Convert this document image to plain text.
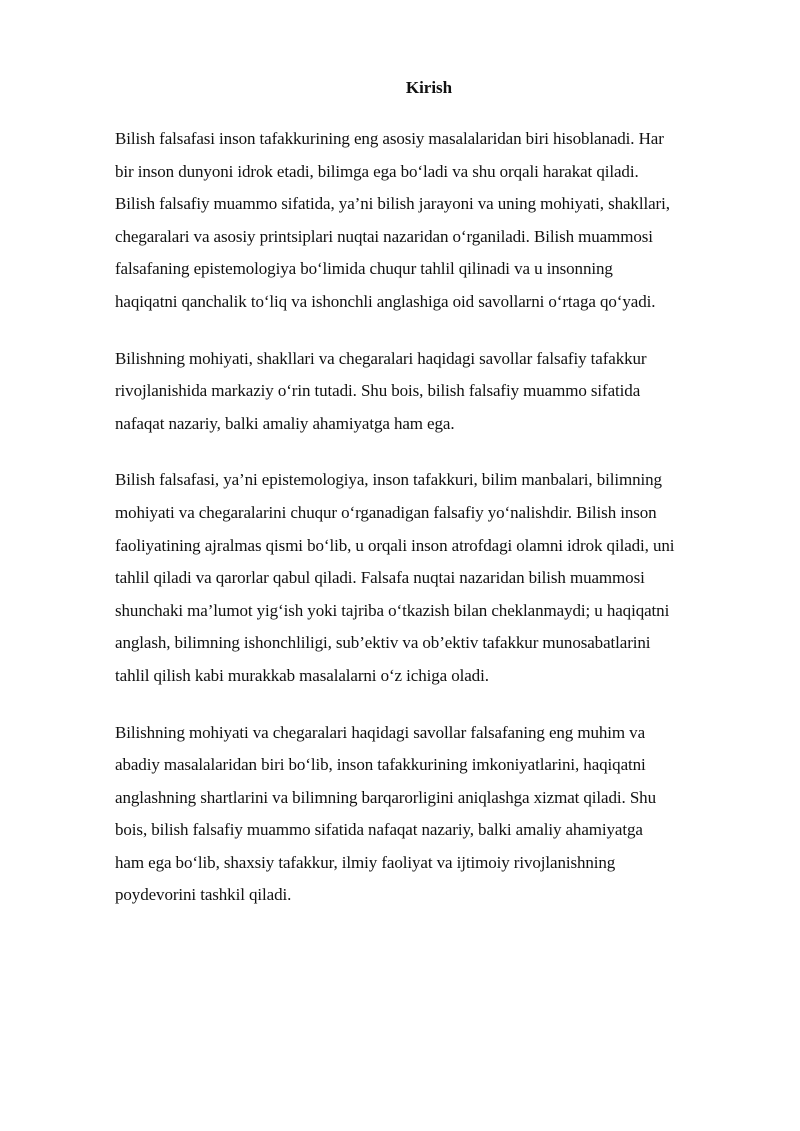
Kirish

Bilish falsafasi inson tafakkurining eng asosiy masalalaridan biri hisoblanadi. Har
bir inson dunyoni idrok etadi, bilimga ega bo‘ladi va shu orqali harakat qiladi.
Bilish falsafiy muammo sifatida, ya’ni bilish jarayoni va uning mohiyati, shakllari,
chegaralari va asosiy printsiplari nuqtai nazaridan o‘rganiladi. Bilish muammosi
falsafaning epistemologiya bo‘limida chuqur tahlil qilinadi va u insonning
haqiqatni qanchalik to‘liq va ishonchli anglashiga oid savollarni o‘rtaga qo‘yadi.

Bilishning mohiyati, shakllari va chegaralari haqidagi savollar falsafiy tafakkur
rivojlanishida markaziy o‘rin tutadi. Shu bois, bilish falsafiy muammo sifatida
nafaqat nazariy, balki amaliy ahamiyatga ham ega.

Bilish falsafasi, ya’ni epistemologiya, inson tafakkuri, bilim manbalari, bilimning
mohiyati va chegaralarini chuqur o‘rganadigan falsafiy yo‘nalishdir. Bilish inson
faoliyatining ajralmas qismi bo‘lib, u orqali inson atrofdagi olamni idrok qiladi, uni
tahlil qiladi va qarorlar qabul qiladi. Falsafa nuqtai nazaridan bilish muammosi
shunchaki ma’lumot yig‘ish yoki tajriba o‘tkazish bilan cheklanmaydi; u haqiqatni
anglash, bilimning ishonchliligi, sub’ektiv va ob’ektiv tafakkur munosabatlarini
tahlil qilish kabi murakkab masalalarni o‘z ichiga oladi.

Bilishning mohiyati va chegaralari haqidagi savollar falsafaning eng muhim va
abadiy masalalaridan biri bo‘lib, inson tafakkurining imkoniyatlarini, haqiqatni
anglashning shartlarini va bilimning barqarorligini aniqlashga xizmat qiladi. Shu
bois, bilish falsafiy muammo sifatida nafaqat nazariy, balki amaliy ahamiyatga
ham ega bo‘lib, shaxsiy tafakkur, ilmiy faoliyat va ijtimoiy rivojlanishning
poydevorini tashkil qiladi.
